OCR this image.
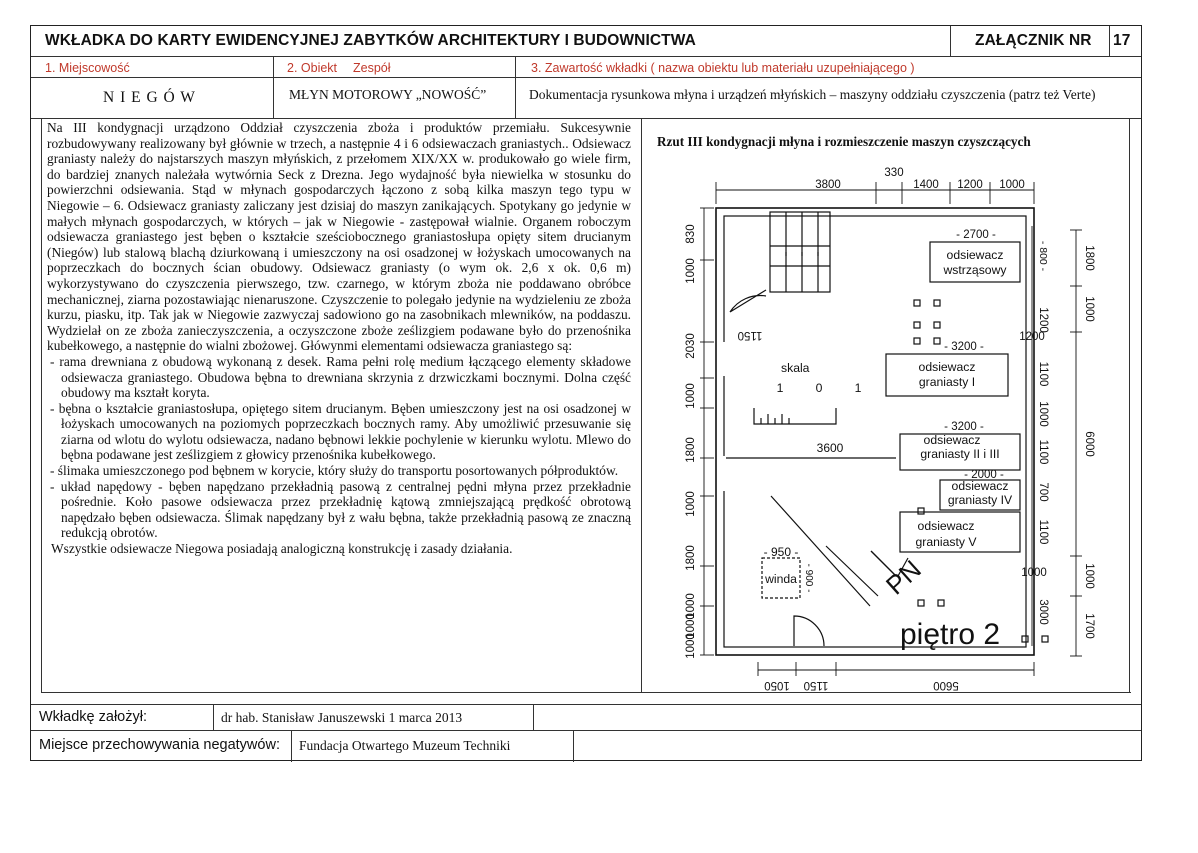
WKŁADKA DO KARTY EWIDENCYJNEJ ZABYTKÓW ARCHITEKTURY I BUDOWNICTWA	ZAŁĄCZNIK NR 17
1. Miejscowość	2. Obiekt Zespół	3. Zawartość wkładki ( nazwa obiektu lub materiału uzupełniającego )
N I E G Ó W	MŁYN MOTOROWY „NOWOŚĆ”	Dokumentacja rysunkowa młyna i urządzeń młyńskich – maszyny oddziału czyszczenia (patrz też Verte)

Na III kondygnacji urządzono Oddział czyszczenia zboża i produktów przemiału. Sukcesywnie rozbudowywany realizowany był głównie w trzech, a następnie 4 i 6 odsiewaczach graniastych.. Odsiewacz graniasty należy do najstarszych maszyn młyńskich, z przełomem XIX/XX w. produkowało go wiele firm, do bardziej znanych należała wytwórnia Seck z Drezna. Jego wydajność była niewielka w stosunku do powierzchni odsiewania. Stąd w młynach gospodarczych łączono z sobą kilka maszyn tego typu w Niegowie – 6. Odsiewacz graniasty zaliczany jest dzisiaj do maszyn zanikających. Spotykany go jedynie w małych młynach gospodarczych, w których – jak w Niegowie - zastępował wialnie. Organem roboczym odsiewacza graniastego jest bęben o kształcie sześciobocznego graniastosłupa opięty sitem drucianym (Niegów) lub stalową blachą dziurkowaną i umieszczony na osi osadzonej w łożyskach umocowanych na poprzeczkach do bocznych ścian obudowy. Odsiewacz graniasty (o wym ok. 2,6 x ok. 0,6 m) wykorzystywano do czyszczenia pierwszego, tzw. czarnego, w którym zboża nie poddawano obróbce mechanicznej, ziarna pozostawiając nienaruszone. Czyszczenie to polegało jedynie na wydzieleniu ze zboża kurzu, piasku, itp. Tak jak w Niegowie zazwyczaj sadowiono go na zasobnikach mlewników, na poddaszu. Wydzielał on ze zboża zanieczyszczenia, a oczyszczone zboże ześlizgiem podawane było do przenośnika kubełkowego, a następnie do wialni zbożowej. Główynmi elementami odsiewacza graniastego są:

- rama drewniana z obudową wykonaną z desek. Rama pełni rolę medium łączącego elementy składowe odsiewacza graniastego. Obudowa bębna to drewniana skrzynia z drzwiczkami bocznymi. Dolna część obudowy ma kształt koryta.

- bębna o kształcie graniastosłupa, opiętego sitem drucianym. Bęben umieszczony jest na osi osadzonej w łożyskach umocowanych na poziomych poprzeczkach bocznych ramy. Aby umożliwić przesuwanie się ziarna od wlotu do wylotu odsiewacza, nadano bębnowi lekkie pochylenie w kierunku wylotu. Mlewo do bębna podawane jest ześlizgiem z głowicy przenośnika kubełkowego.

- ślimaka umieszczonego pod bębnem w korycie, który służy do transportu posortowanych półproduktów.

- układ napędowy - bęben napędzano przekładnią pasową z centralnej pędni młyna przez przekładnie pośrednie. Koło pasowe odsiewacza przez przekładnię kątową zmniejszającą prędkość obrotową napędzało bęben odsiewacza. Ślimak napędzany był z wału bębna, także przekładnią pasową ze znaczną redukcją obrotów.

Wszystkie odsiewacze Niegowa posiadają analogiczną konstrukcję i zasady działania.

Rzut III kondygnacji młyna i rozmieszczenie maszyn czyszczących
330
3800	1400 1200 1000
830
1000
2030
1000
1800
1000
1800
1000
1000
1000
- 800 -
1200
1200
1100
1000
1100
700
1100
1000
3000
1800
1000
6000
1000
1700
1050 1150	5600
1150
- 2700 -
- 3200 -
- 3200 -
- 2000 -
3600
- 950 -
- 900 -
odsiewacz
wstrząsowy
odsiewacz
graniasty I
odsiewacz
graniasty II i III
odsiewacz
graniasty IV
odsiewacz
graniasty V
winda
skala
1	0	1
PN
piętro 2
Wkładkę założył:	dr hab. Stanisław Januszewski 1 marca 2013
Miejsce przechowywania negatywów: Fundacja Otwartego Muzeum Techniki
